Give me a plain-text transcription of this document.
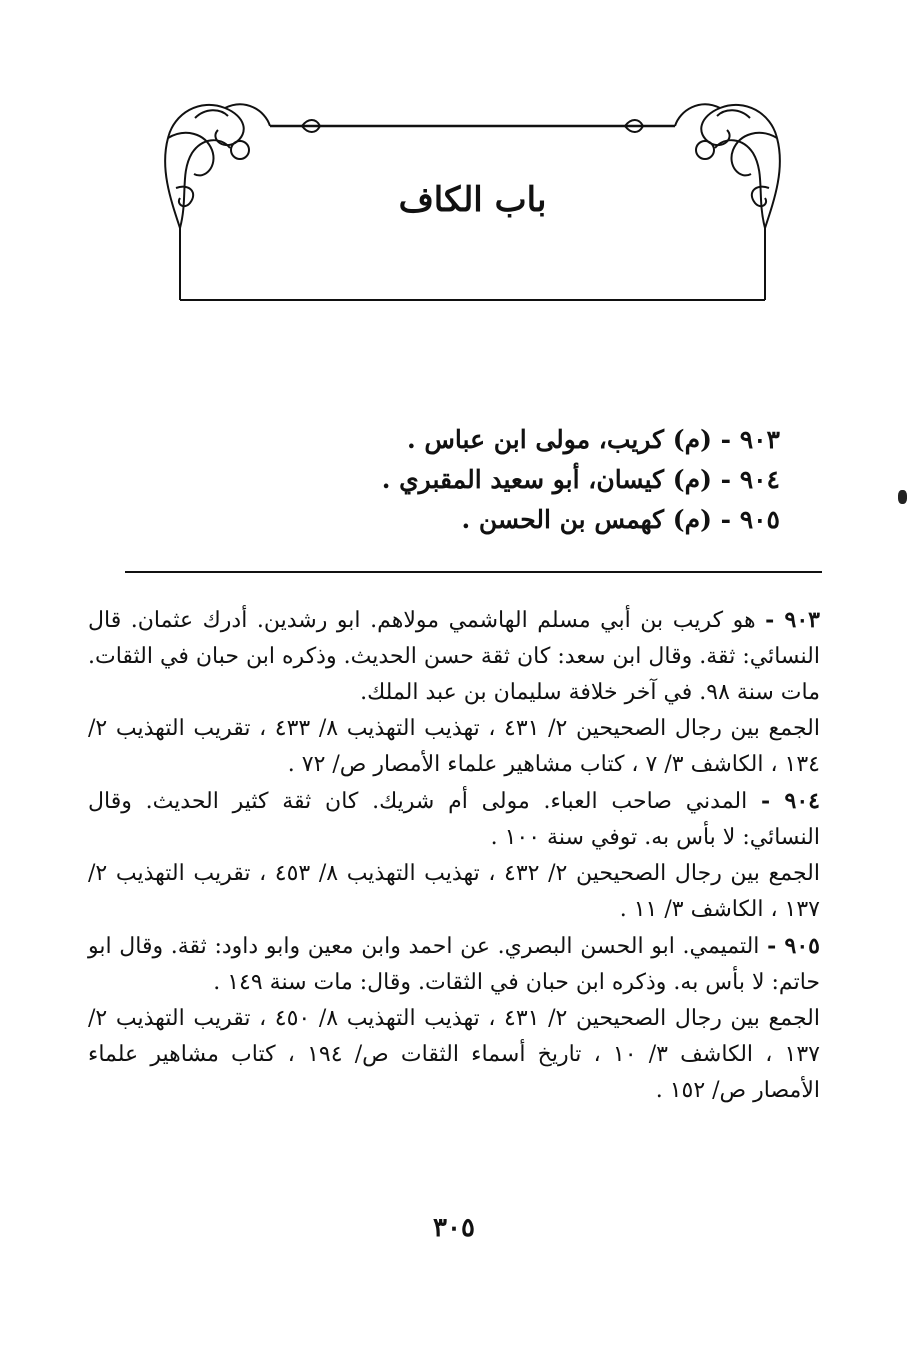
باب الكاف
٩٠٣ - (م) كريب، مولى ابن عباس .
٩٠٤ - (م) كيسان، أبو سعيد المقبري .
٩٠٥ - (م) كهمس بن الحسن .

٩٠٣ - هو كريب بن أبي مسلم الهاشمي مولاهم. ابو رشدين. أدرك عثمان. قال النسائي: ثقة. وقال ابن سعد: كان ثقة حسن الحديث. وذكره ابن حبان في الثقات. مات سنة ٩٨. في آخر خلافة سليمان بن عبد الملك.

الجمع بين رجال الصحيحين ٢/ ٤٣١ ، تهذيب التهذيب ٨/ ٤٣٣ ، تقريب التهذيب ٢/ ١٣٤ ، الكاشف ٣/ ٧ ، كتاب مشاهير علماء الأمصار ص/ ٧٢ .

٩٠٤ - المدني صاحب العباء. مولى أم شريك. كان ثقة كثير الحديث. وقال النسائي: لا بأس به. توفي سنة ١٠٠ .

الجمع بين رجال الصحيحين ٢/ ٤٣٢ ، تهذيب التهذيب ٨/ ٤٥٣ ، تقريب التهذيب ٢/ ١٣٧ ، الكاشف ٣/ ١١ .

٩٠٥ - التميمي. ابو الحسن البصري. عن احمد وابن معين وابو داود: ثقة. وقال ابو حاتم: لا بأس به. وذكره ابن حبان في الثقات. وقال: مات سنة ١٤٩ .

الجمع بين رجال الصحيحين ٢/ ٤٣١ ، تهذيب التهذيب ٨/ ٤٥٠ ، تقريب التهذيب ٢/ ١٣٧ ، الكاشف ٣/ ١٠ ، تاريخ أسماء الثقات ص/ ١٩٤ ، كتاب مشاهير علماء الأمصار ص/ ١٥٢ .

٣٠٥
